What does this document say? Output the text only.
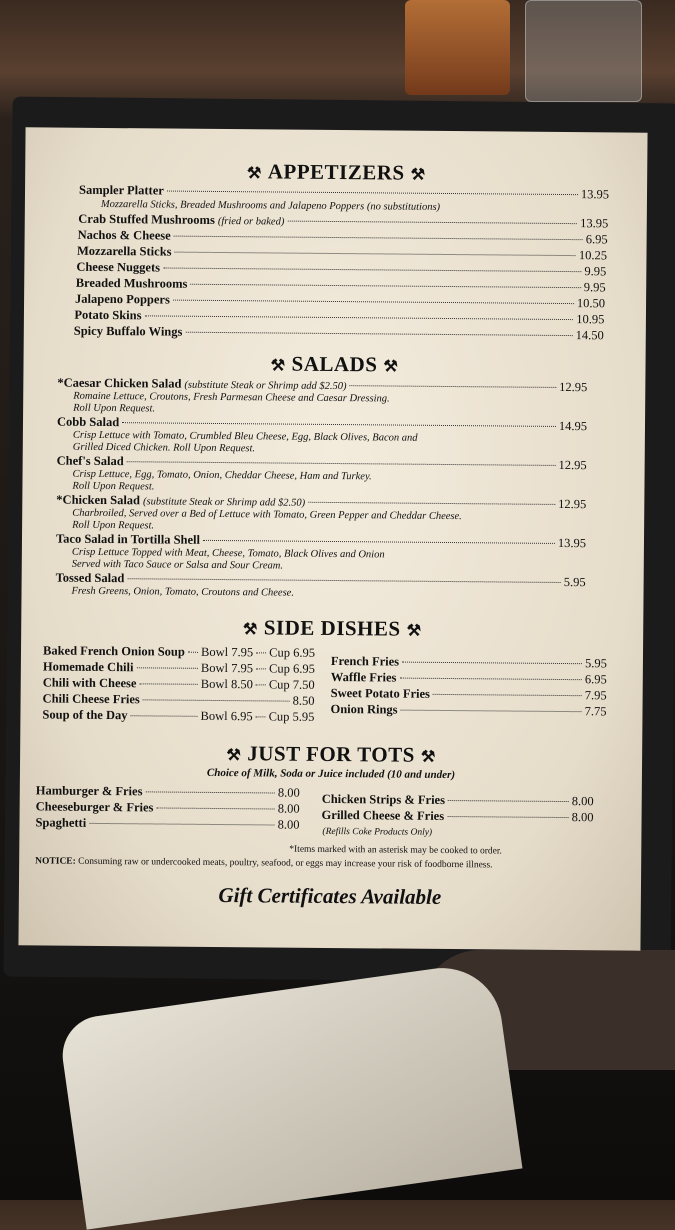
⚒ APPETIZERS ⚒
⚒ SALADS ⚒
⚒ SIDE DISHES ⚒
⚒ JUST FOR TOTS ⚒
Choice of Milk, Soda or Juice included (10 and under)
*Items marked with an asterisk may be cooked to order.
NOTICE: Consuming raw or undercooked meats, poultry, seafood, or eggs may increase your risk of foodborne illness.
Gift Certificates Available
Sampler Platter	13.95
Mozzarella Sticks, Breaded Mushrooms and Jalapeno Poppers (no substitutions)
Crab Stuffed Mushrooms (fried or baked)	13.95
Nachos & Cheese	6.95
Mozzarella Sticks	10.25
Cheese Nuggets	9.95
Breaded Mushrooms	9.95
Jalapeno Poppers	10.50
Potato Skins	10.95
Spicy Buffalo Wings	14.50
*Caesar Chicken Salad (substitute Steak or Shrimp add $2.50)	12.95
Romaine Lettuce, Croutons, Fresh Parmesan Cheese and Caesar Dressing.
Roll Upon Request.
Cobb Salad	14.95
Crisp Lettuce with Tomato, Crumbled Bleu Cheese, Egg, Black Olives, Bacon and
Grilled Diced Chicken. Roll Upon Request.
Chef's Salad	12.95
Crisp Lettuce, Egg, Tomato, Onion, Cheddar Cheese, Ham and Turkey.
Roll Upon Request.
*Chicken Salad (substitute Steak or Shrimp add $2.50)	12.95
Charbroiled, Served over a Bed of Lettuce with Tomato, Green Pepper and Cheddar Cheese.
Roll Upon Request.
Taco Salad in Tortilla Shell	13.95
Crisp Lettuce Topped with Meat, Cheese, Tomato, Black Olives and Onion
Served with Taco Sauce or Salsa and Sour Cream.
Tossed Salad	5.95
Fresh Greens, Onion, Tomato, Croutons and Cheese.
Baked French Onion Soup Bowl 7.95 Cup 6.95
Homemade Chili	Bowl 7.95 Cup 6.95
Chili with Cheese	Bowl 8.50 Cup 7.50
Chili Cheese Fries	8.50
Soup of the Day	Bowl 6.95 Cup 5.95
French Fries	5.95
Waffle Fries	6.95
Sweet Potato Fries	7.95
Onion Rings	7.75
Hamburger & Fries	8.00
Cheeseburger & Fries	8.00
Spaghetti	8.00
Chicken Strips & Fries	8.00
Grilled Cheese & Fries	8.00
(Refills Coke Products Only)
